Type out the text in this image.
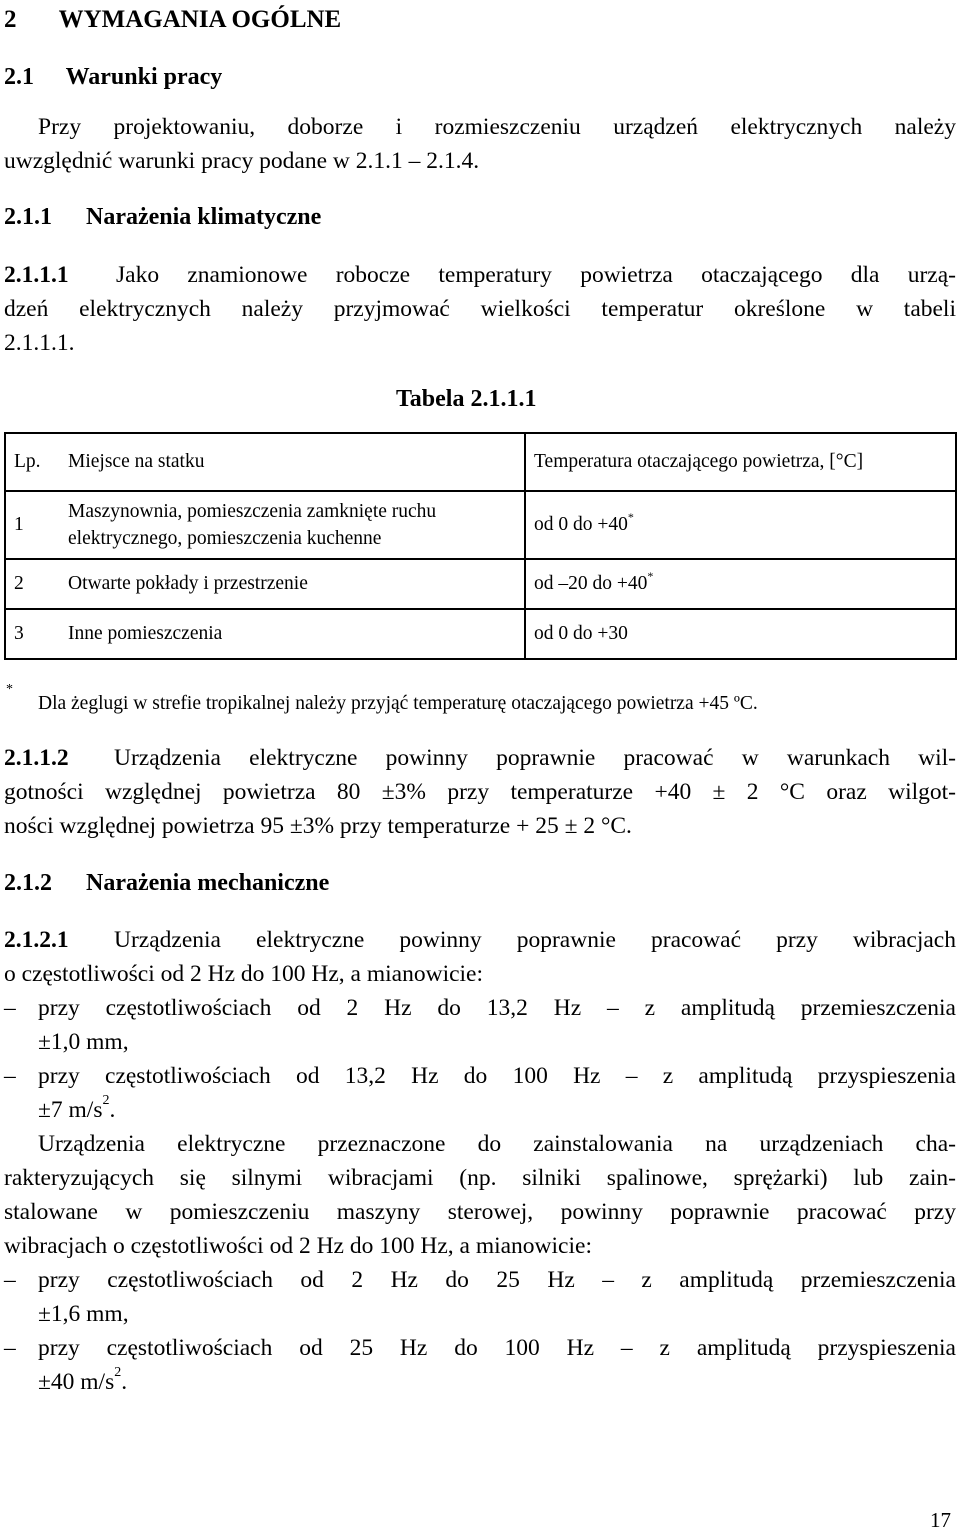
2 WYMAGANIA OGÓLNE
2.1 Warunki pracy
Przy projektowaniu, doborze i rozmieszczeniu urządzeń elektrycznych należy
uwzględnić warunki pracy podane w 2.1.1 – 2.1.4.
2.1.1 Narażenia klimatyczne
2.1.1.1 Jako znamionowe robocze temperatury powietrza otaczającego dla urzą-
dzeń elektrycznych należy przyjmować wielkości temperatur określone w tabeli
2.1.1.1.
Tabela 2.1.1.1
Lp.	Miejsce na statku	Temperatura otaczającego powietrza, [°C]
1	Maszynownia, pomieszczenia zamknięte ruchu
elektrycznego, pomieszczenia kuchenne	od 0 do +40*
2	Otwarte pokłady i przestrzenie	od –20 do +40*
3	Inne pomieszczenia	od 0 do +30
*
Dla żeglugi w strefie tropikalnej należy przyjąć temperaturę otaczającego powietrza +45 ºC.
2.1.1.2 Urządzenia elektryczne powinny poprawnie pracować w warunkach wil-
gotności względnej powietrza 80 ±3% przy temperaturze +40 ± 2 °C oraz wilgot-
ności względnej powietrza 95 ±3% przy temperaturze + 25 ± 2 °C.
2.1.2 Narażenia mechaniczne
2.1.2.1 Urządzenia elektryczne powinny poprawnie pracować przy wibracjach
o częstotliwości od 2 Hz do 100 Hz, a mianowicie:
– przy częstotliwościach od 2 Hz do 13,2 Hz – z amplitudą przemieszczenia
±1,0 mm,
– przy częstotliwościach od 13,2 Hz do 100 Hz – z amplitudą przyspieszenia
±7 $m/s^2$.
Urządzenia elektryczne przeznaczone do zainstalowania na urządzeniach cha-
rakteryzujących się silnymi wibracjami (np. silniki spalinowe, sprężarki) lub zain-
stalowane w pomieszczeniu maszyny sterowej, powinny poprawnie pracować przy
wibracjach o częstotliwości od 2 Hz do 100 Hz, a mianowicie:
– przy częstotliwościach od 2 Hz do 25 Hz – z amplitudą przemieszczenia
±1,6 mm,
– przy częstotliwościach od 25 Hz do 100 Hz – z amplitudą przyspieszenia
±40 $m/s^2$.
17
